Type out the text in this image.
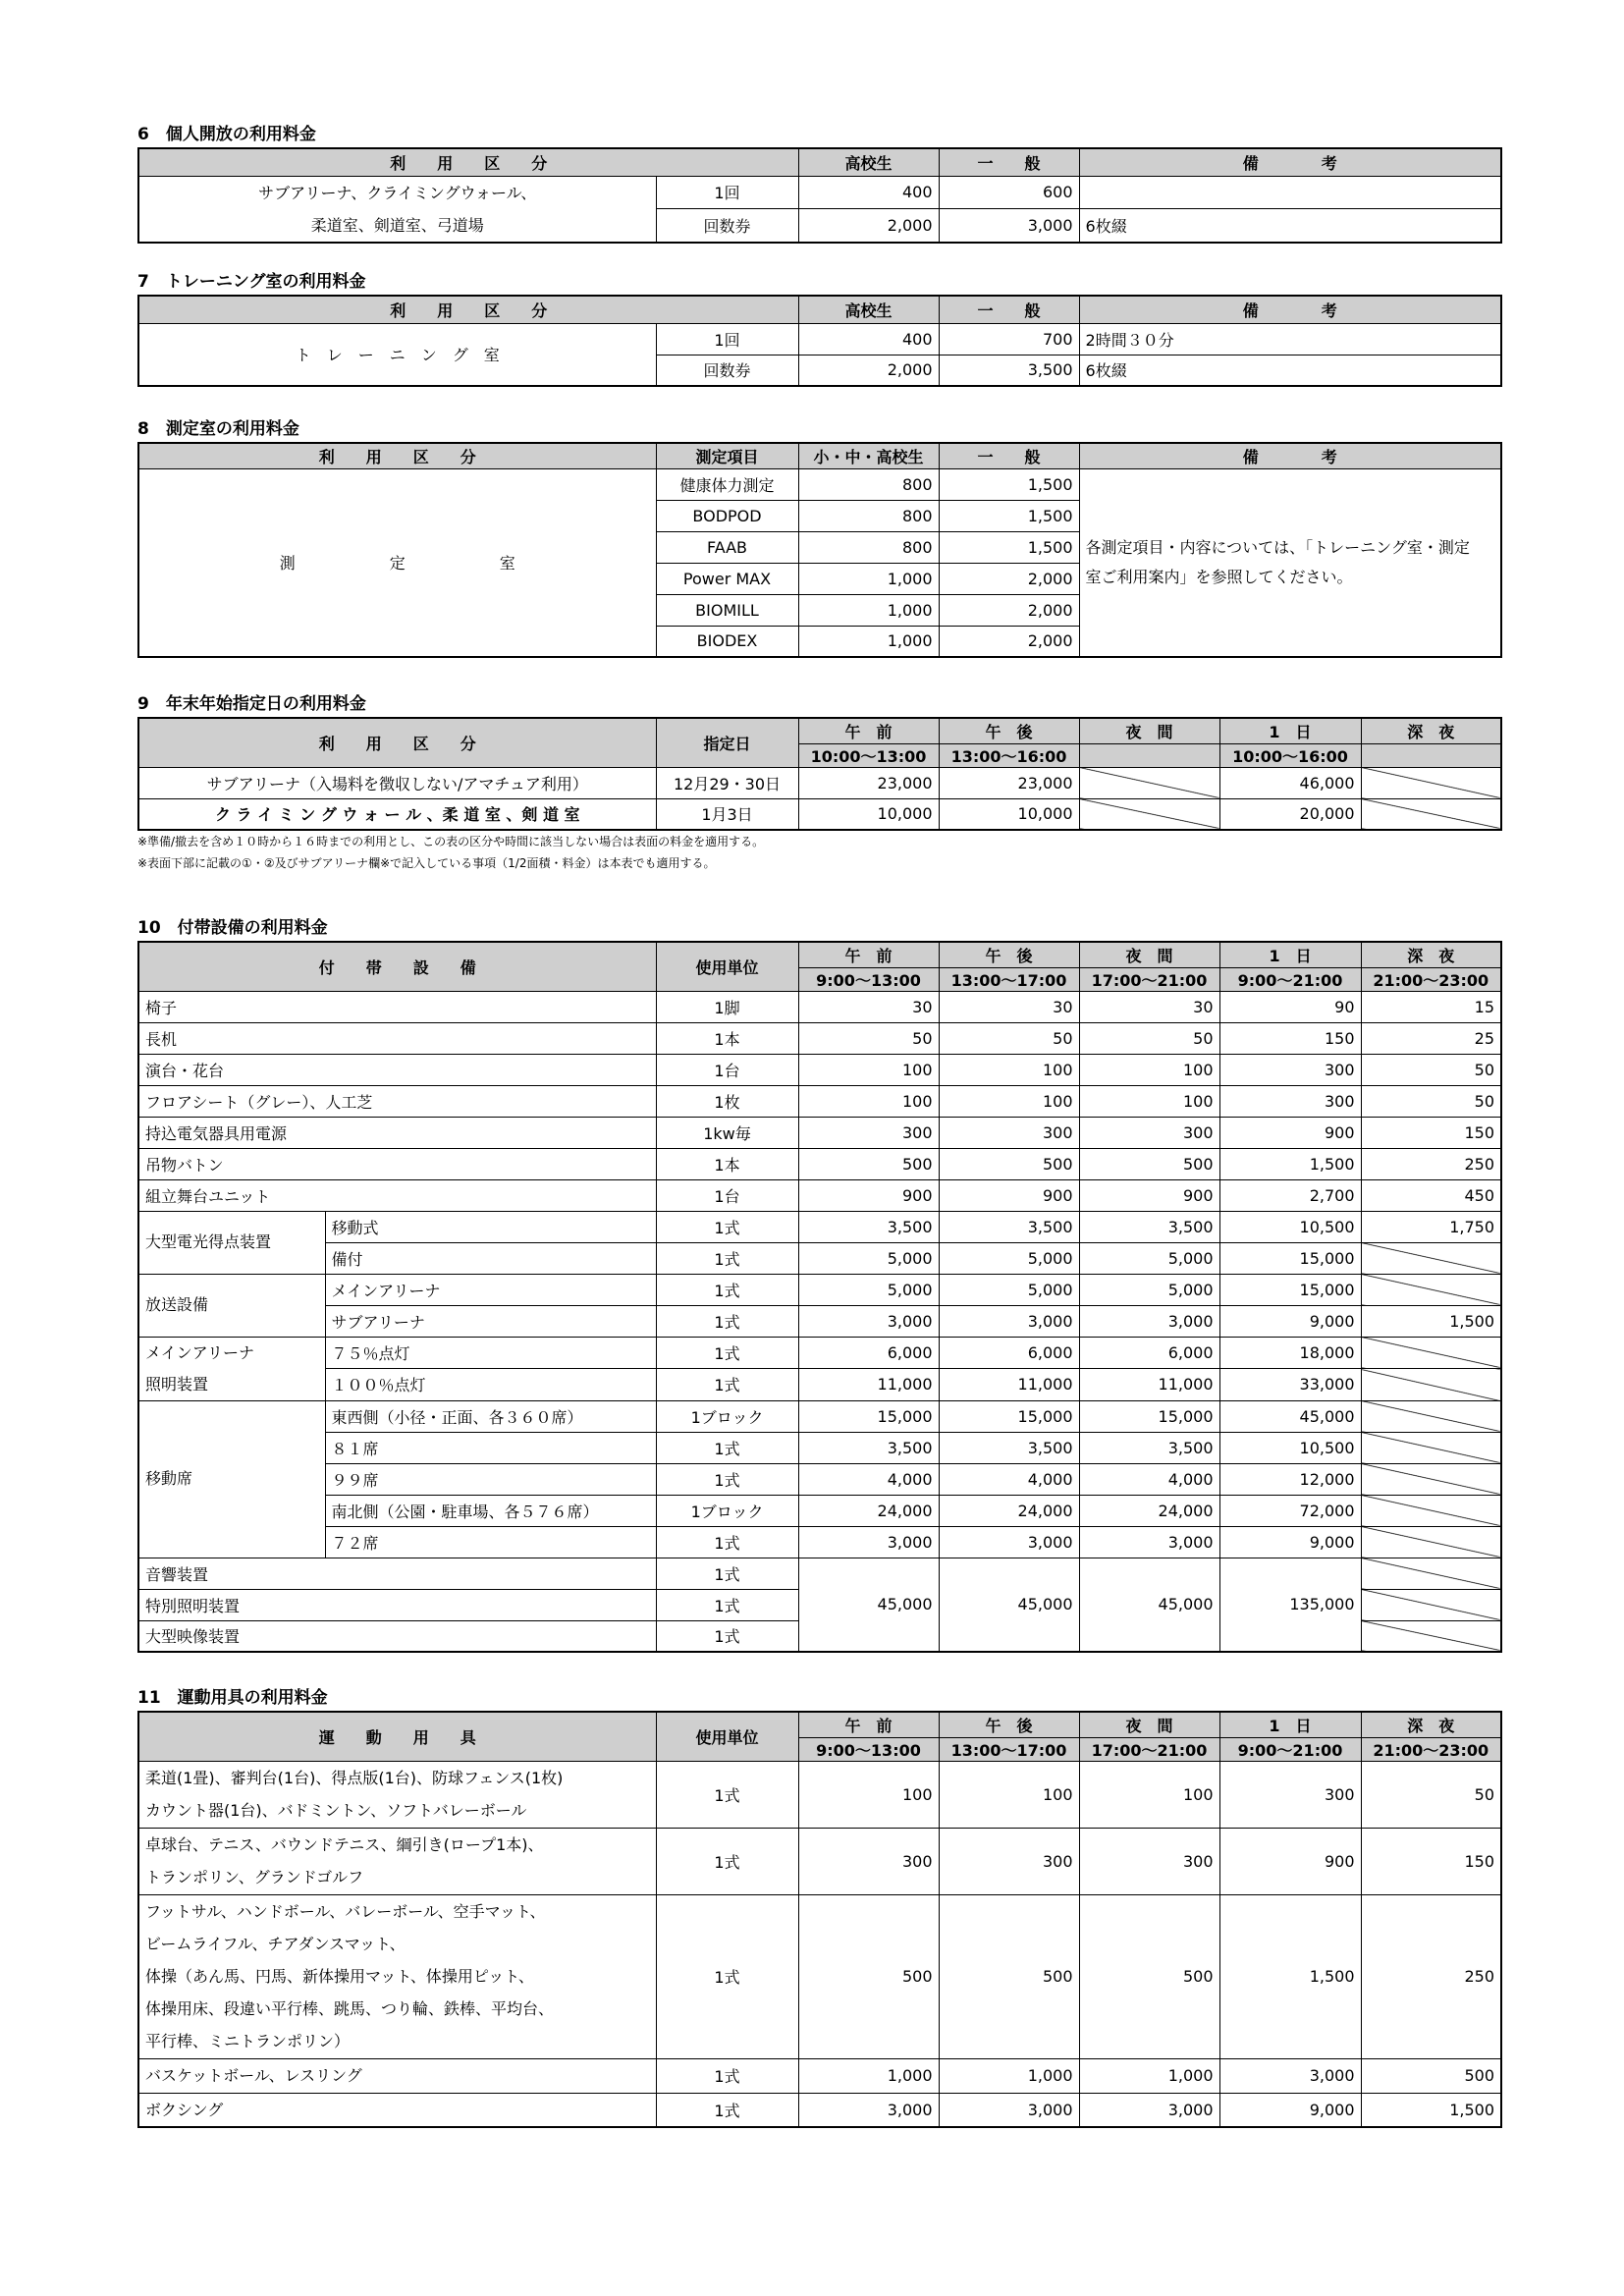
6　個人開放の利用料金
利　　用　　区　　分		高校生	一　　般	備　　　　考

サブアリーナ、クライミングウォール、
柔道室、剣道室、弓道場	1回	400	600	
	回数券	2,000	3,000	6枚綴
7　トレーニング室の利用料金
利　　用　　区　　分		高校生	一　　般	備　　　　考
ト　レ　ー　ニ　ン　グ　室	1回	400	700	2時間３０分
	回数券	2,000	3,500	6枚綴
8　測定室の利用料金
利　　用　　区　　分	測定項目	小・中・高校生	一　　般	備　　　　考
測　　　　　　定　　　　　　室	健康体力測定	800	1,500	各測定項目・内容については、「トレーニング室・測定
室ご利用案内」を参照してください。

	BODPOD	800	1,500	
	FAAB	800	1,500	
	Power MAX	1,000	2,000	
	BIOMILL	1,000	2,000	
	BIODEX	1,000	2,000	
9　年末年始指定日の利用料金
利　　用　　区　　分	指定日	午　前	午　後	夜　間	1　日	深　夜
		10:00～13:00	13:00～16:00		10:00～16:00	
サブアリーナ（入場料を徴収しない/アマチュア利用）	12月29・30日	23,000	23,000		46,000	
ク ラ イ ミ ン グ ウ ォ ー ル 、柔 道 室 、剣 道 室	1月3日	10,000	10,000		20,000	
※準備/撤去を含め１０時から１６時までの利用とし、この表の区分や時間に該当しない場合は表面の料金を適用する。
※表面下部に記載の①・②及びサブアリーナ欄※で記入している事項（1/2面積・料金）は本表でも適用する。
10　付帯設備の利用料金
付　　帯　　設　　備		使用単位	午　前	午　後	夜　間	1　日	深　夜
			9:00～13:00	13:00～17:00	17:00～21:00	9:00～21:00	21:00～23:00
椅子		1脚	30	30	30	90	15
長机		1本	50	50	50	150	25
演台・花台		1台	100	100	100	300	50
フロアシート（グレー）、人工芝		1枚	100	100	100	300	50
持込電気器具用電源		1kw毎	300	300	300	900	150
吊物バトン		1本	500	500	500	1,500	250
組立舞台ユニット		1台	900	900	900	2,700	450

大型電光得点装置	移動式	1式	3,500	3,500	3,500	10,500	1,750
	備付	1式	5,000	5,000	5,000	15,000	

放送設備	メインアリーナ	1式	5,000	5,000	5,000	15,000	
	サブアリーナ	1式	3,000	3,000	3,000	9,000	1,500

メインアリーナ
照明装置	７５％点灯	1式	6,000	6,000	6,000	18,000	
	１００％点灯	1式	11,000	11,000	11,000	33,000	

移動席	東西側（小径・正面、各３６０席）	1ブロック	15,000	15,000	15,000	45,000	
	８１席	1式	3,500	3,500	3,500	10,500	
	９９席	1式	4,000	4,000	4,000	12,000	
	南北側（公園・駐車場、各５７６席）	1ブロック	24,000	24,000	24,000	72,000	
	７２席	1式	3,000	3,000	3,000	9,000	
音響装置		1式	45,000	45,000	45,000	135,000	
特別照明装置		1式					
大型映像装置		1式					
11　運動用具の利用料金
運　　動　　用　　具	使用単位	午　前	午　後	夜　間	1　日	深　夜
		9:00～13:00	13:00～17:00	17:00～21:00	9:00～21:00	21:00～23:00

柔道(1畳)、審判台(1台)、得点版(1台)、防球フェンス(1枚)
カウント器(1台)、バドミントン、ソフトバレーボール	1式	100	100	100	300	50

卓球台、テニス、バウンドテニス、綱引き(ロープ1本)、
トランポリン、グランドゴルフ	1式	300	300	300	900	150

フットサル、ハンドボール、バレーボール、空手マット、
ビームライフル、チアダンスマット、
体操（あん馬、円馬、新体操用マット、体操用ピット、
体操用床、段違い平行棒、跳馬、つり輪、鉄棒、平均台、
平行棒、ミニトランポリン）	1式	500	500	500	1,500	250

バスケットボール、レスリング	1式	1,000	1,000	1,000	3,000	500

ボクシング	1式	3,000	3,000	3,000	9,000	1,500
